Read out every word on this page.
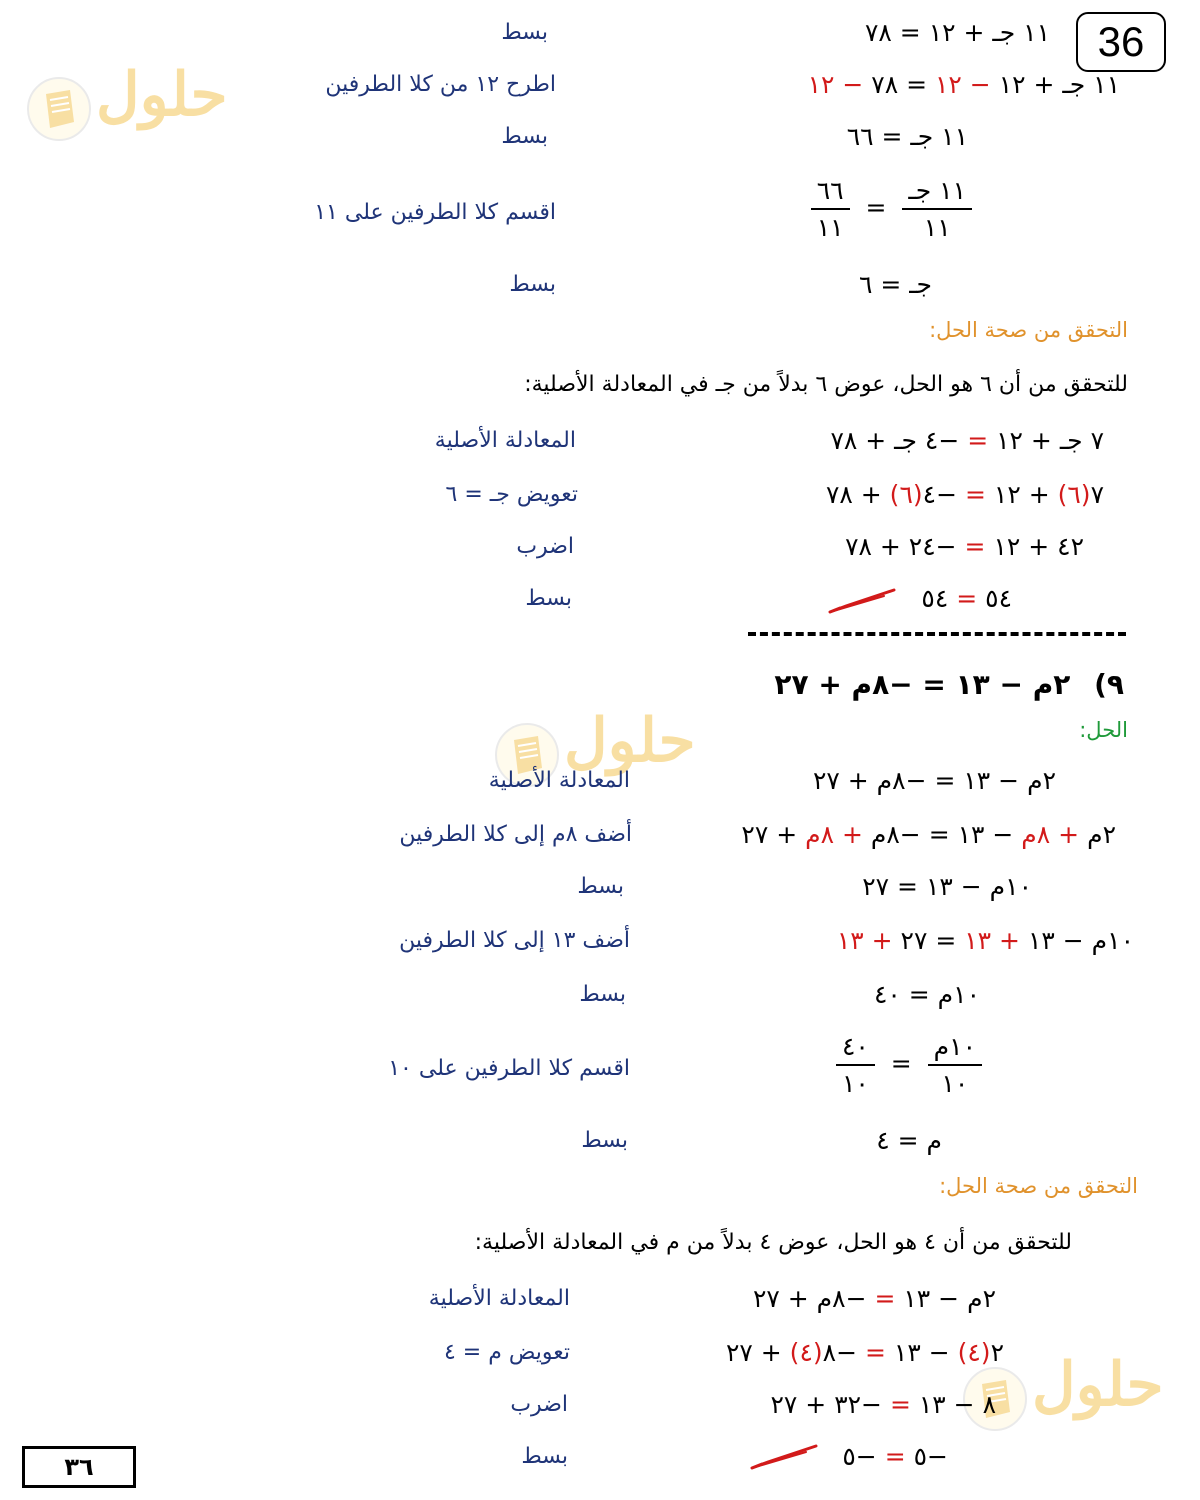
حلول
حلول
حلول
36
١١ جـ + ١٢ = ٧٨
بسط
١١ جـ + ١٢ − ١٢ = ٧٨ − ١٢
اطرح ١٢ من كلا الطرفين
١١ جـ = ٦٦
بسط
$\frac{\text{١١ جـ}}{١١}$
=
$\frac{٦٦}{١١}$
اقسم كلا الطرفين على ١١
جـ = ٦
بسط
التحقق من صحة الحل:
للتحقق من أن ٦ هو الحل، عوض ٦ بدلاً من جـ في المعادلة الأصلية:
٧ جـ + ١٢ = −٤ جـ + ٧٨
المعادلة الأصلية
٧(٦) + ١٢ = −٤(٦) + ٧٨
تعويض جـ = ٦
٤٢ + ١٢ = −٢٤ + ٧٨
اضرب
٥٤ = ٥٤
بسط
٩) ٢م − ١٣ = −٨م + ٢٧
الحل:
٢م − ١٣ = −٨م + ٢٧
المعادلة الأصلية
٢م + ٨م − ١٣ = −٨م + ٨م + ٢٧
أضف ٨م إلى كلا الطرفين
١٠م − ١٣ = ٢٧
بسط
١٠م − ١٣ + ١٣ = ٢٧ + ١٣
أضف ١٣ إلى كلا الطرفين
١٠م = ٤٠
بسط
$\frac{\text{١٠م}}{١٠}$
=
$\frac{٤٠}{١٠}$
اقسم كلا الطرفين على ١٠
م = ٤
بسط
التحقق من صحة الحل:
للتحقق من أن ٤ هو الحل، عوض ٤ بدلاً من م في المعادلة الأصلية:
٢م − ١٣ = −٨م + ٢٧
المعادلة الأصلية
٢(٤) − ١٣ = −٨(٤) + ٢٧
تعويض م = ٤
٨ − ١٣ = −٣٢ + ٢٧
اضرب
−٥ = −٥
بسط
٣٦
